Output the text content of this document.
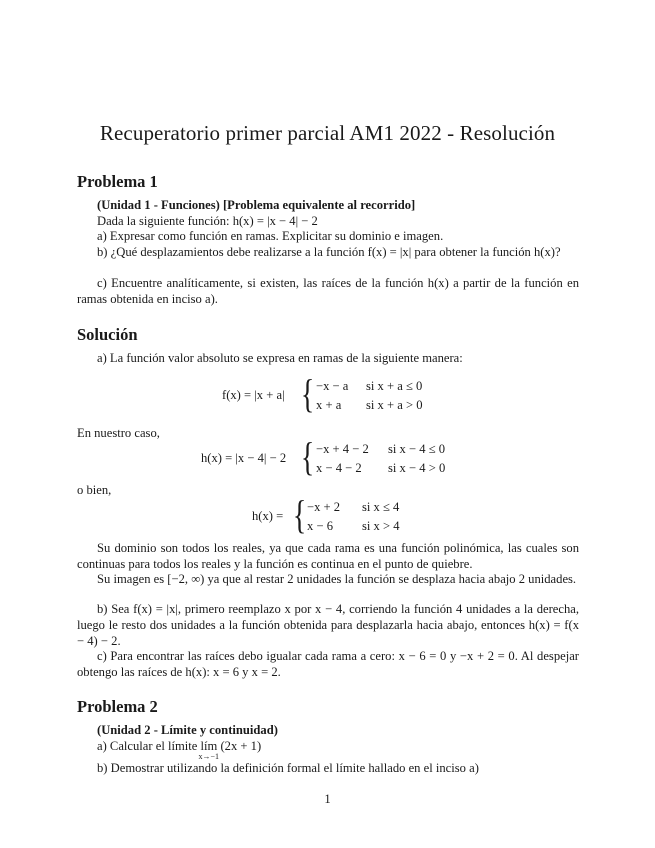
Recuperatorio primer parcial AM1 2022 - Resolución
Problema 1
(Unidad 1 - Funciones) [Problema equivalente al recorrido]
Dada la siguiente función: h(x) = |x − 4| − 2
a) Expresar como función en ramas. Explicitar su dominio e imagen.
b) ¿Qué desplazamientos debe realizarse a la función f(x) = |x| para obtener la función h(x)?
c) Encuentre analíticamente, si existen, las raíces de la función h(x) a partir de la función en ramas obtenida en inciso a).
Solución
a) La función valor absoluto se expresa en ramas de la siguiente manera:
f(x) = |x + a| { −x − a	si x + a ≤ 0
x + a	si x + a > 0
En nuestro caso,
h(x) = |x − 4| − 2 { −x + 4 − 2	si x − 4 ≤ 0
x − 4 − 2	si x − 4 > 0
o bien,
h(x) = { −x + 2	si x ≤ 4
x − 6	si x > 4
Su dominio son todos los reales, ya que cada rama es una función polinómica, las cuales son continuas para todos los reales y la función es continua en el punto de quiebre.
Su imagen es [−2, ∞) ya que al restar 2 unidades la función se desplaza hacia abajo 2 unidades.
b) Sea f(x) = |x|, primero reemplazo x por x − 4, corriendo la función 4 unidades a la derecha, luego le resto dos unidades a la función obtenida para desplazarla hacia abajo, entonces h(x) = f(x − 4) − 2.
c) Para encontrar las raíces debo igualar cada rama a cero: x − 6 = 0 y −x + 2 = 0. Al despejar obtengo las raíces de h(x): x = 6 y x = 2.
Problema 2
(Unidad 2 - Límite y continuidad)
a) Calcular el límite lím
x→−1
(2x + 1)
b) Demostrar utilizando la definición formal el límite hallado en el inciso a)
1
